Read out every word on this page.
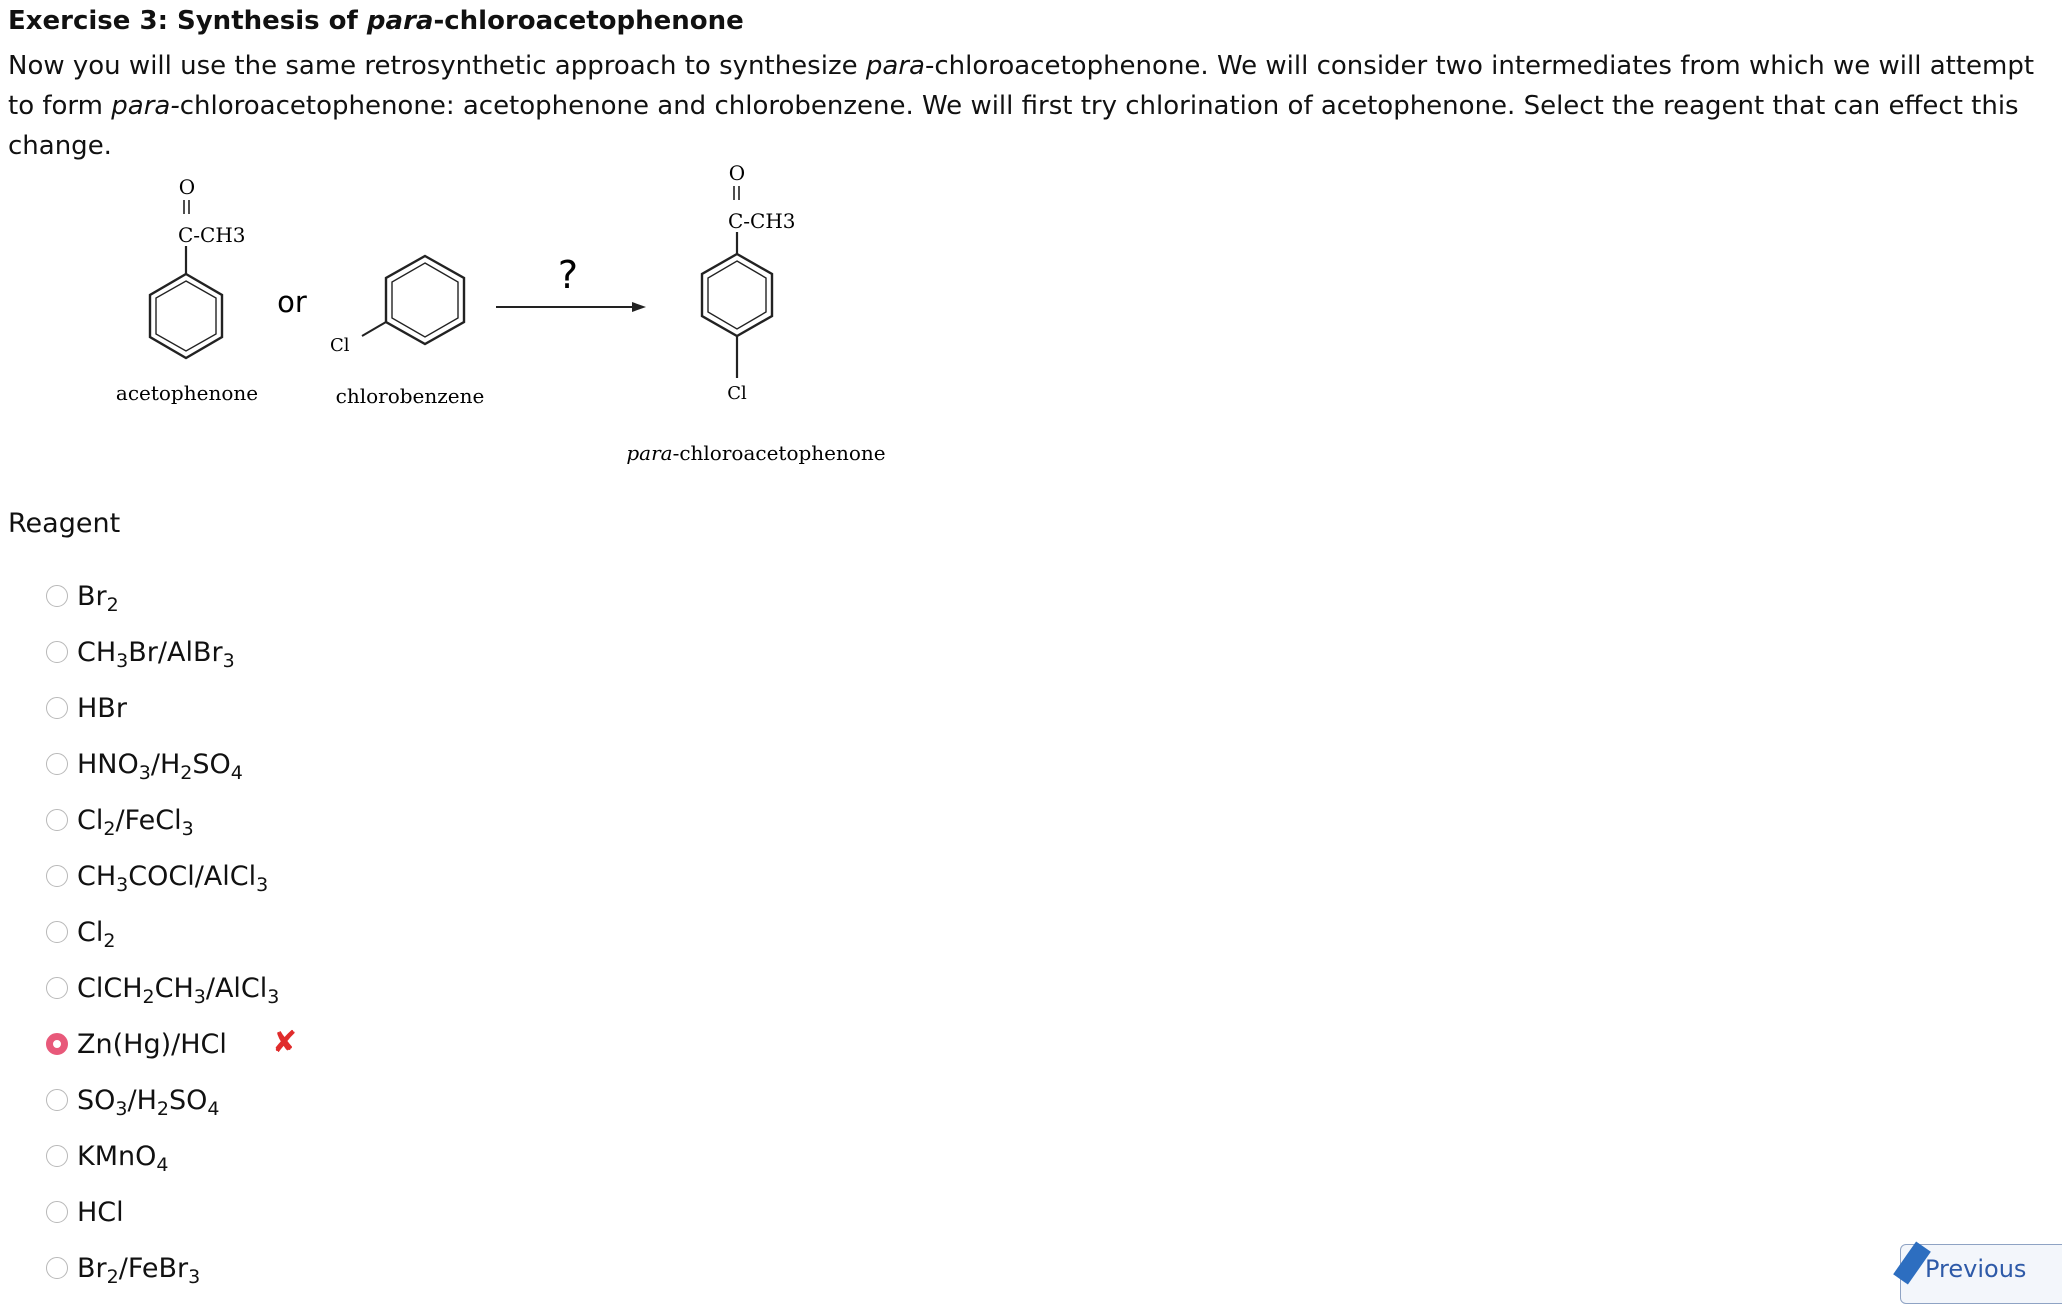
Exercise 3: Synthesis of para-chloroacetophenone

Now you will use the same retrosynthetic approach to synthesize para-chloroacetophenone. We will consider two intermediates from which we will attempt to form para-chloroacetophenone: acetophenone and chlorobenzene. We will first try chlorination of acetophenone. Select the reagent that can effect this change.

O
C-CH3
acetophenone
or
Cl
chlorobenzene
?
O
C-CH3
Cl
para-chloroacetophenone
Reagent
$Br_2$
$CH_3Br/AlBr_3$
HBr
$HNO_3/H_2SO_4$
$Cl_2/FeCl_3$
$CH_3COCl/AlCl_3$
$Cl_2$
$ClCH_2CH_3/AlCl_3$
Zn(Hg)/HCl ✘
$SO_3/H_2SO_4$
KMnO$_4$
HCl
$Br_2/FeBr_3$	Previous
